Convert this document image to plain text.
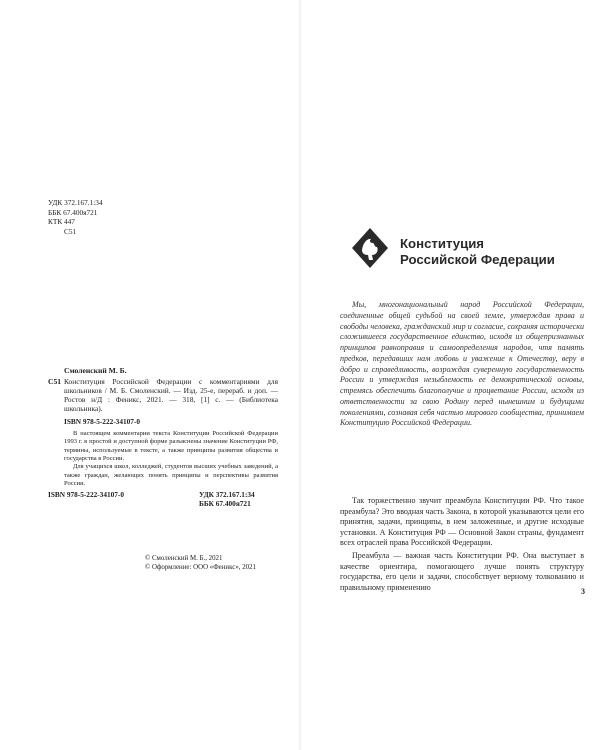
УДК 372.167.1:34
ББК 67.400я721
КТК 447
С51
Смоленский М. Б.
С51 Конституция Российской Федерации с комментариями для школьников / М. Б. Смоленский. — Изд. 25-е, перераб. и доп. — Ростов н/Д : Феникс, 2021. — 318, [1] с. — (Библиотека школьника).
ISBN 978-5-222-34107-0

В настоящем комментарии текста Конституции Российской Федерации 1993 г. в простой и доступной форме разъяснены значение Конституции РФ, термины, используемые в тексте, а также принципы развития общества и государства в России.

Для учащихся школ, колледжей, студентов высших учебных заведений, а также граждан, желающих понять принципы и перспективы развития России.

ISBN 978-5-222-34107-0	УДК 372.167.1:34
ББК 67.400я721
© Смоленский М. Б., 2021
© Оформление: ООО «Феникс», 2021
Конституция
Российской Федерации

Мы, многонациональный народ Российской Федерации, соединенные общей судьбой на своей земле, утверждая права и свободы человека, гражданский мир и согласие, сохраняя исторически сложившееся государственное единство, исходя из общепризнанных принципов равноправия и самоопределения народов, чтя память предков, передавших нам любовь и уважение к Отечеству, веру в добро и справедливость, возрождая суверенную государственность России и утверждая незыблемость ее демократической основы, стремясь обеспечить благополучие и процветание России, исходя из ответственности за свою Родину перед нынешним и будущими поколениями, сознавая себя частью мирового сообщества, принимаем Конституцию Российской Федерации.

Так торжественно звучит преамбула Конституции РФ. Что такое преамбула? Это вводная часть Закона, в которой указываются цели его принятия, задачи, принципы, в нем заложенные, и другие исходные установки. А Конституция РФ — Основной Закон страны, фундамент всех отраслей права Российской Федерации.

Преамбула — важная часть Конституции РФ. Она выступает в качестве ориентира, помогающего лучше понять структуру государства, его цели и задачи, способствует верному толкованию и правильному применению	3
